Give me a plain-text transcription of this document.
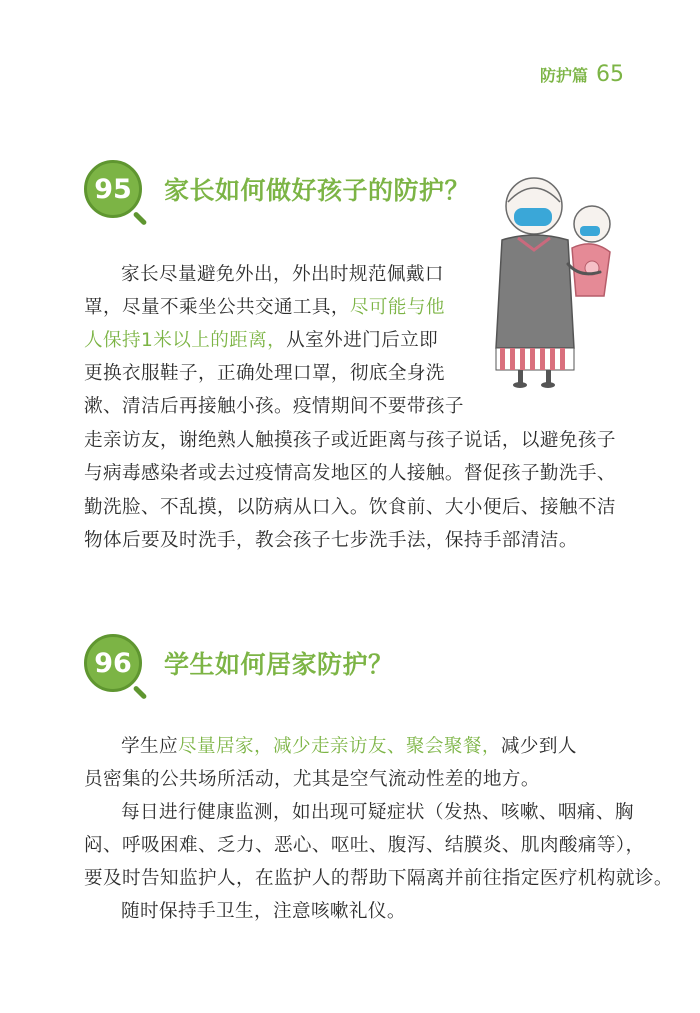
防护篇 65
95	家长如何做好孩子的防护？

家长尽量避免外出，外出时规范佩戴口

罩，尽量不乘坐公共交通工具，尽可能与他

人保持1米以上的距离，从室外进门后立即

更换衣服鞋子，正确处理口罩，彻底全身洗

漱、清洁后再接触小孩。疫情期间不要带孩子

走亲访友，谢绝熟人触摸孩子或近距离与孩子说话，以避免孩子

与病毒感染者或去过疫情高发地区的人接触。督促孩子勤洗手、

勤洗脸、不乱摸，以防病从口入。饮食前、大小便后、接触不洁

物体后要及时洗手，教会孩子七步洗手法，保持手部清洁。

96	学生如何居家防护？

学生应尽量居家，减少走亲访友、聚会聚餐，减少到人

员密集的公共场所活动，尤其是空气流动性差的地方。

每日进行健康监测，如出现可疑症状（发热、咳嗽、咽痛、胸

闷、呼吸困难、乏力、恶心、呕吐、腹泻、结膜炎、肌肉酸痛等），

要及时告知监护人，在监护人的帮助下隔离并前往指定医疗机构就诊。

随时保持手卫生，注意咳嗽礼仪。
